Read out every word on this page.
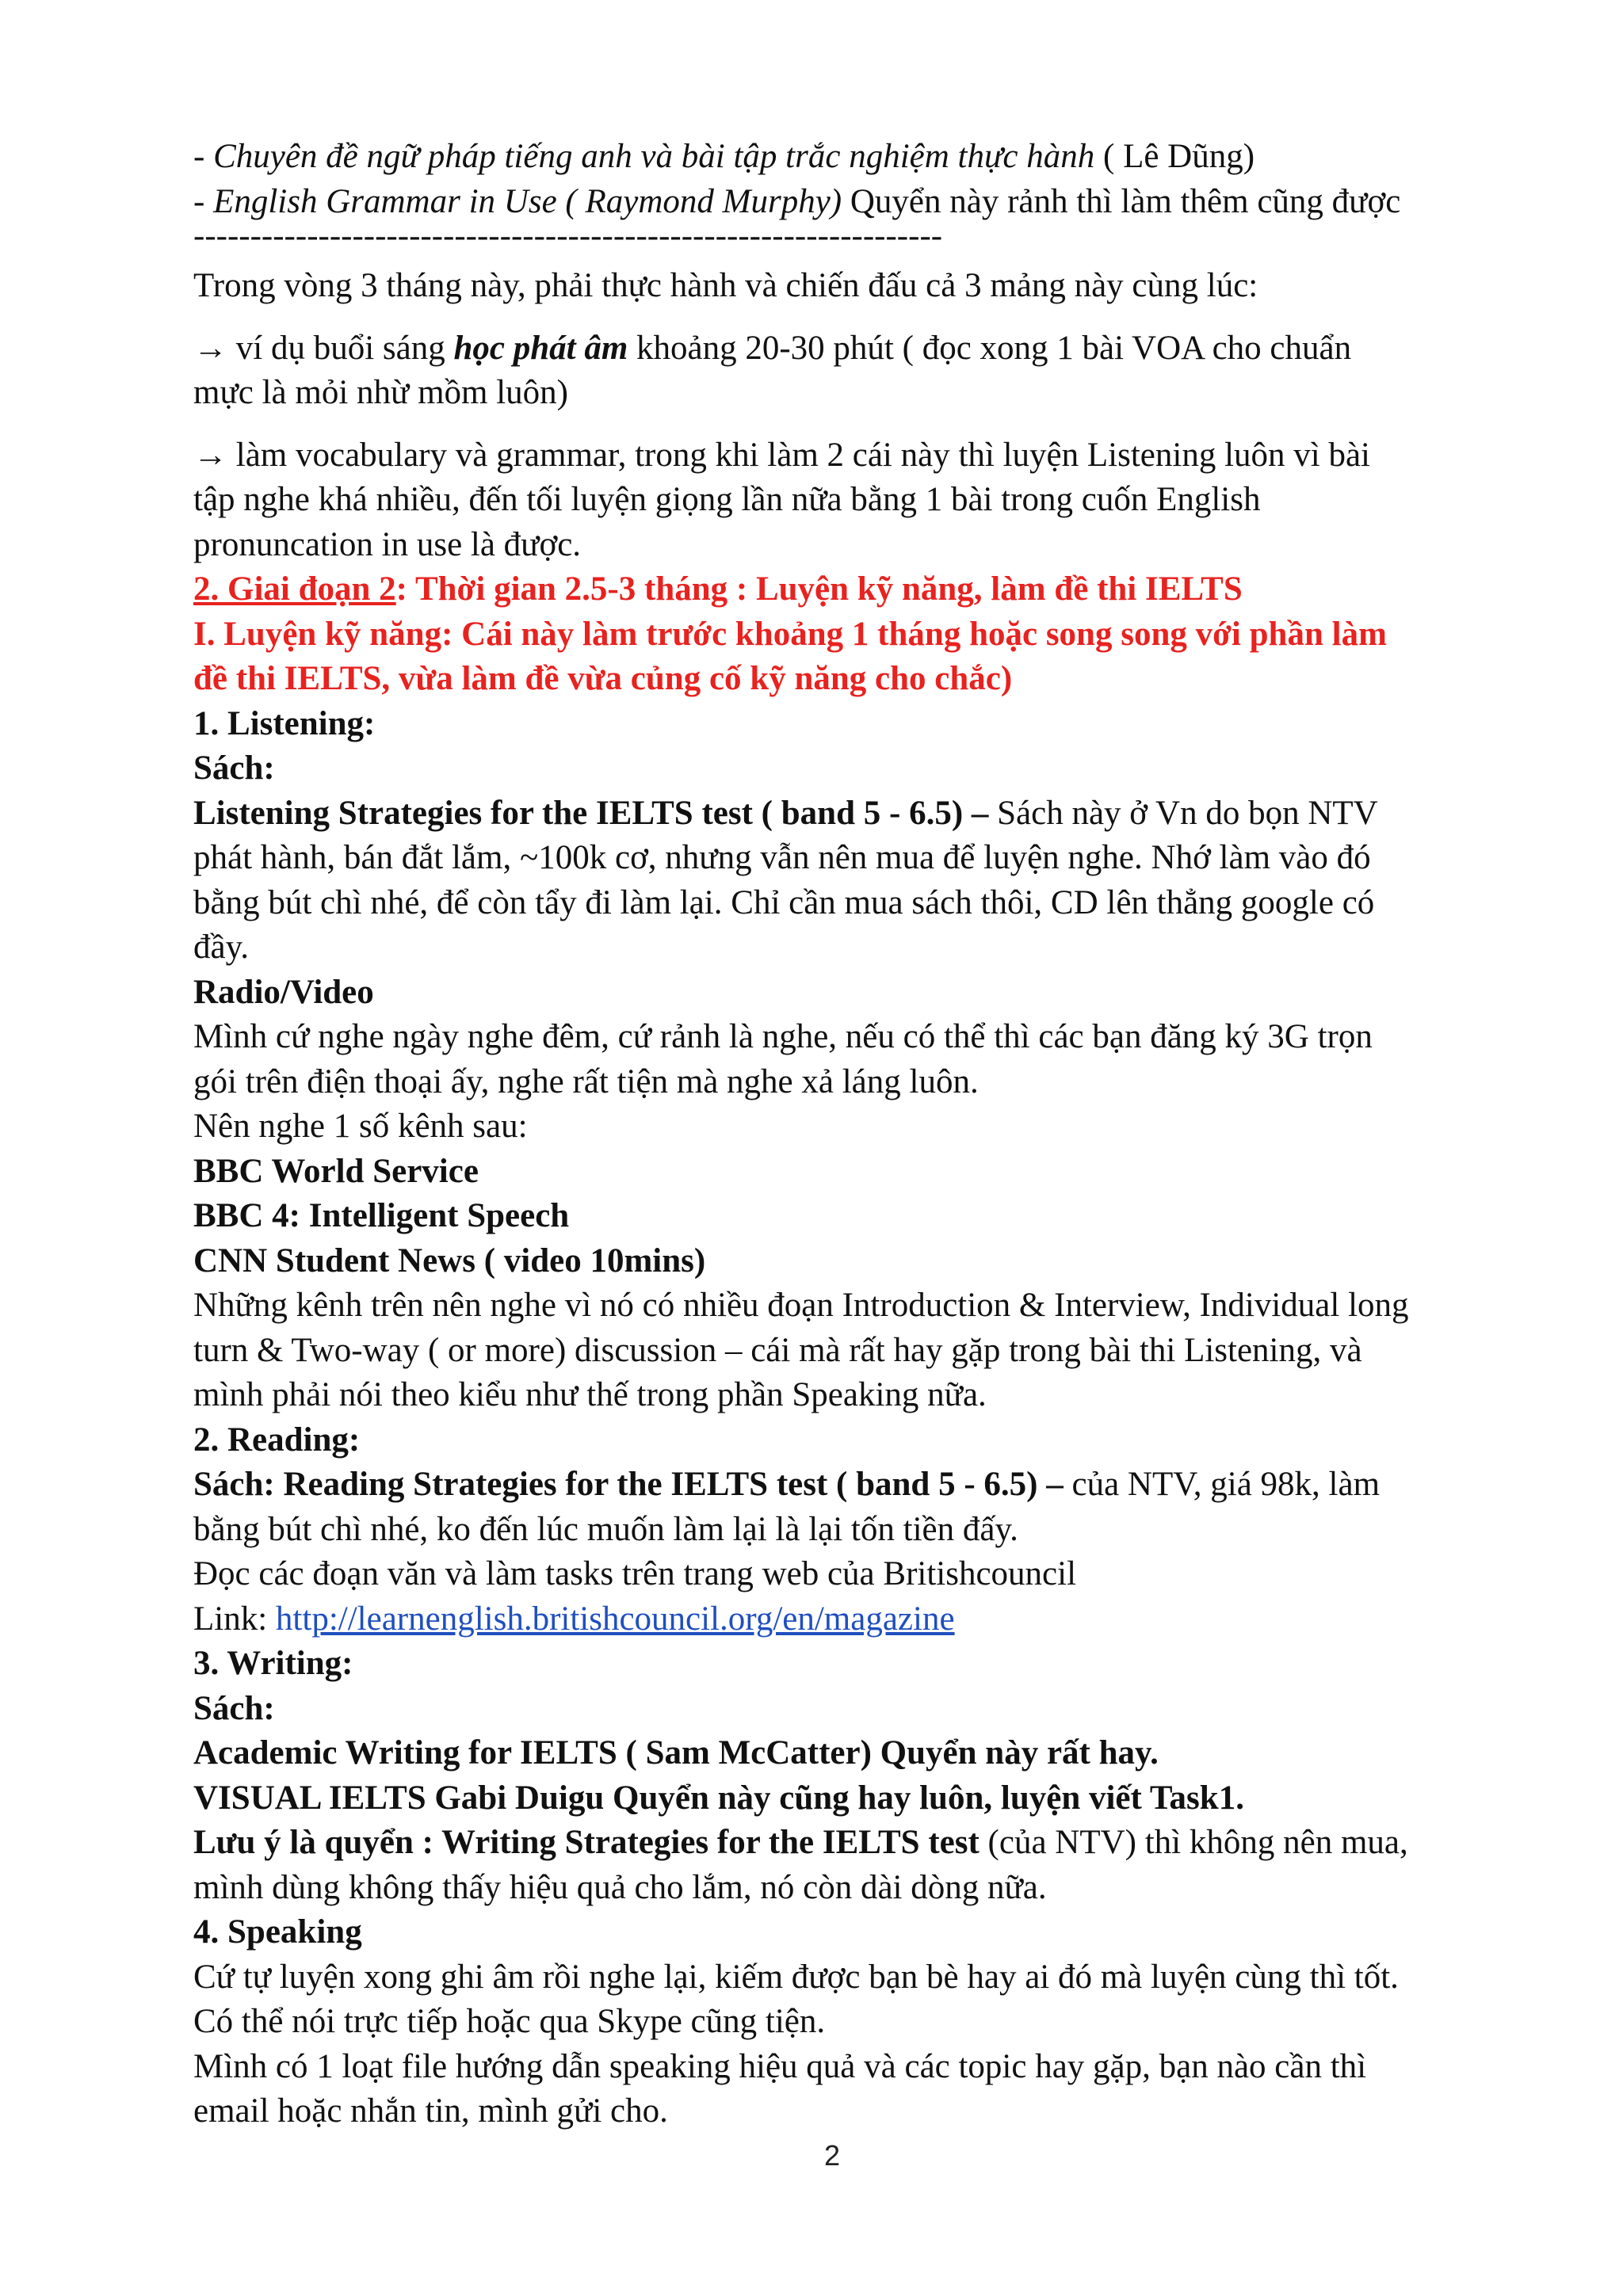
- Chuyên đề ngữ pháp tiếng anh và bài tập trắc nghiệm thực hành ( Lê Dũng)

- English Grammar in Use ( Raymond Murphy) Quyển này rảnh thì làm thêm cũng được

------------------------------------------------------------------

Trong vòng 3 tháng này, phải thực hành và chiến đấu cả 3 mảng này cùng lúc:

→ ví dụ buổi sáng học phát âm khoảng 20-30 phút ( đọc xong 1 bài VOA cho chuẩn

mực là mỏi nhừ mồm luôn)

→ làm vocabulary và grammar, trong khi làm 2 cái này thì luyện Listening luôn vì bài

tập nghe khá nhiều, đến tối luyện giọng lần nữa bằng 1 bài trong cuốn English

pronuncation in use là được.

2. Giai đoạn 2: Thời gian 2.5-3 tháng : Luyện kỹ năng, làm đề thi IELTS

I. Luyện kỹ năng: Cái này làm trước khoảng 1 tháng hoặc song song với phần làm

đề thi IELTS, vừa làm đề vừa củng cố kỹ năng cho chắc)

1. Listening:

Sách:

Listening Strategies for the IELTS test ( band 5 - 6.5) – Sách này ở Vn do bọn NTV

phát hành, bán đắt lắm, ~100k cơ, nhưng vẫn nên mua để luyện nghe. Nhớ làm vào đó

bằng bút chì nhé, để còn tẩy đi làm lại. Chỉ cần mua sách thôi, CD lên thẳng google có

đầy.

Radio/Video

Mình cứ nghe ngày nghe đêm, cứ rảnh là nghe, nếu có thể thì các bạn đăng ký 3G trọn

gói trên điện thoại ấy, nghe rất tiện mà nghe xả láng luôn.

Nên nghe 1 số kênh sau:

BBC World Service

BBC 4: Intelligent Speech

CNN Student News ( video 10mins)

Những kênh trên nên nghe vì nó có nhiều đoạn Introduction & Interview, Individual long

turn & Two-way ( or more) discussion – cái mà rất hay gặp trong bài thi Listening, và

mình phải nói theo kiểu như thế trong phần Speaking nữa.

2. Reading:

Sách: Reading Strategies for the IELTS test ( band 5 - 6.5) – của NTV, giá 98k, làm

bằng bút chì nhé, ko đến lúc muốn làm lại là lại tốn tiền đấy.

Đọc các đoạn văn và làm tasks trên trang web của Britishcouncil

Link: http://learnenglish.britishcouncil.org/en/magazine

3. Writing:

Sách:

Academic Writing for IELTS ( Sam McCatter) Quyển này rất hay.

VISUAL IELTS Gabi Duigu Quyển này cũng hay luôn, luyện viết Task1.

Lưu ý là quyển : Writing Strategies for the IELTS test (của NTV) thì không nên mua,

mình dùng không thấy hiệu quả cho lắm, nó còn dài dòng nữa.

4. Speaking

Cứ tự luyện xong ghi âm rồi nghe lại, kiếm được bạn bè hay ai đó mà luyện cùng thì tốt.

Có thể nói trực tiếp hoặc qua Skype cũng tiện.

Mình có 1 loạt file hướng dẫn speaking hiệu quả và các topic hay gặp, bạn nào cần thì

email hoặc nhắn tin, mình gửi cho.

2
